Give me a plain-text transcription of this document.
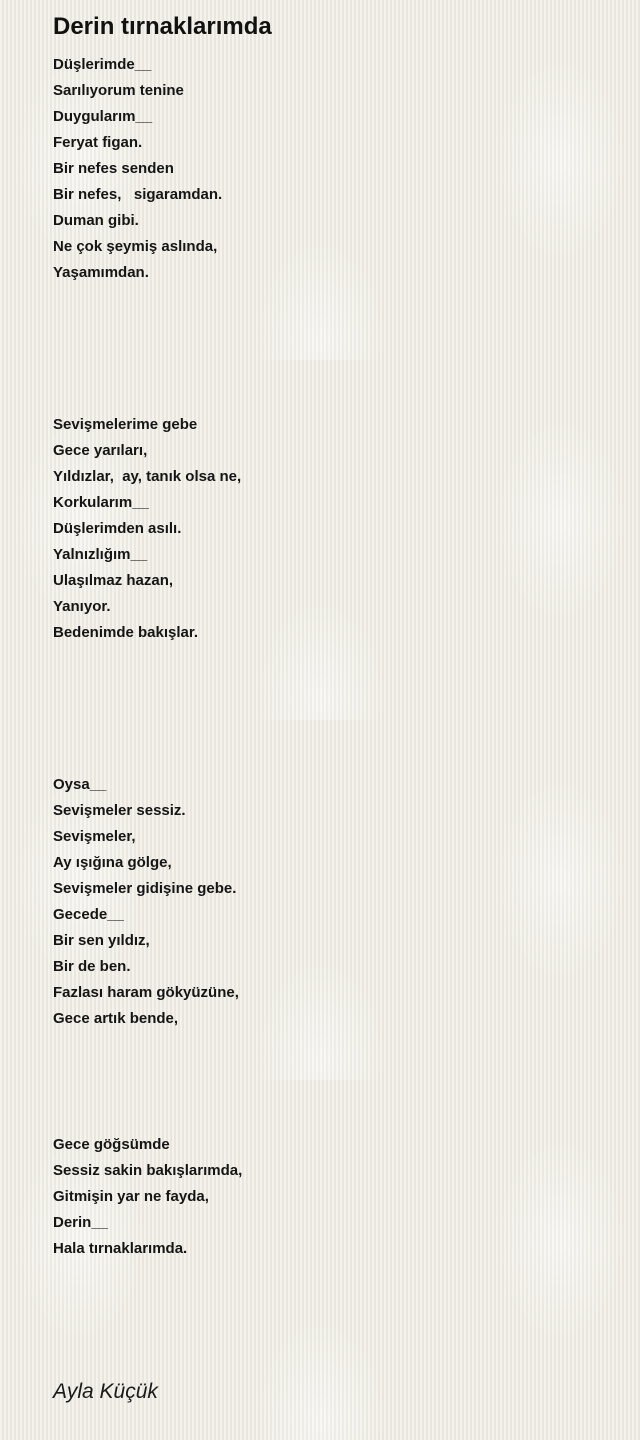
Derin tırnaklarımda
Düşlerimde__
Sarılıyorum tenine
Duygularım__
Feryat figan.
Bir nefes senden
Bir nefes,   sigaramdan.
Duman gibi.
Ne çok şeymiş aslında,
Yaşamımdan.
Sevişmelerime gebe
Gece yarıları,
Yıldızlar,  ay, tanık olsa ne,
Korkularım__
Düşlerimden asılı.
Yalnızlığım__
Ulaşılmaz hazan,
Yanıyor.
Bedenimde bakışlar.
Oysa__
Sevişmeler sessiz.
Sevişmeler,
Ay ışığına gölge,
Sevişmeler gidişine gebe.
Gecede__
Bir sen yıldız,
Bir de ben.
Fazlası haram gökyüzüne,
Gece artık bende,
Gece göğsümde
Sessiz sakin bakışlarımda,
Gitmişin yar ne fayda,
Derin__
Hala tırnaklarımda.
Ayla Küçük
